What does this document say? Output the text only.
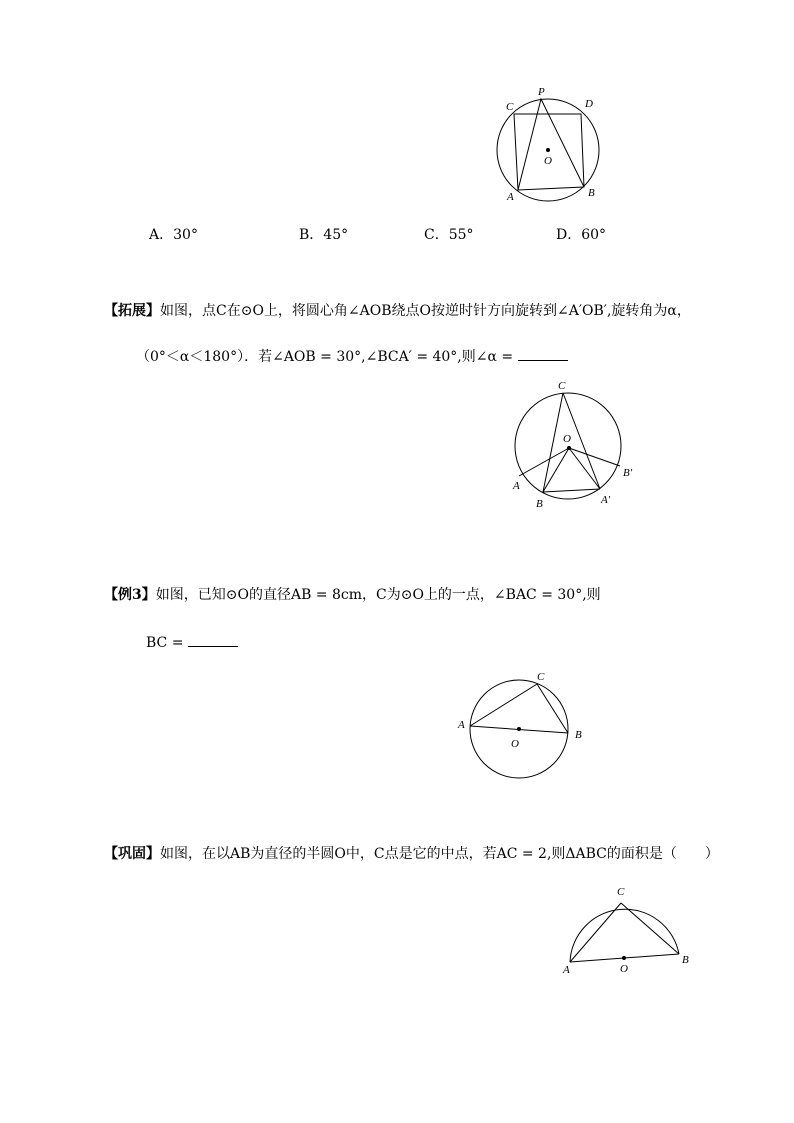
P
C	D
O
A	B
A．30°	B．45°	C．55°	D．60°
【拓展】如图，点C在⊙O上，将圆心角∠AOB绕点O按逆时针方向旋转到∠A′OB′,旋转角为α，
（0°＜α＜180°）．若∠AOB = 30°,∠BCA′ = 40°,则∠α =
C
O
B′
A
B	A′
【例3】如图，已知⊙O的直径AB = 8cm，C为⊙O上的一点，∠BAC = 30°,则
BC =
C
A
O
B
【巩固】如图，在以AB为直径的半圆O中，C点是它的中点，若AC = 2,则ΔABC的面积是（　　）
C
A	O
B
